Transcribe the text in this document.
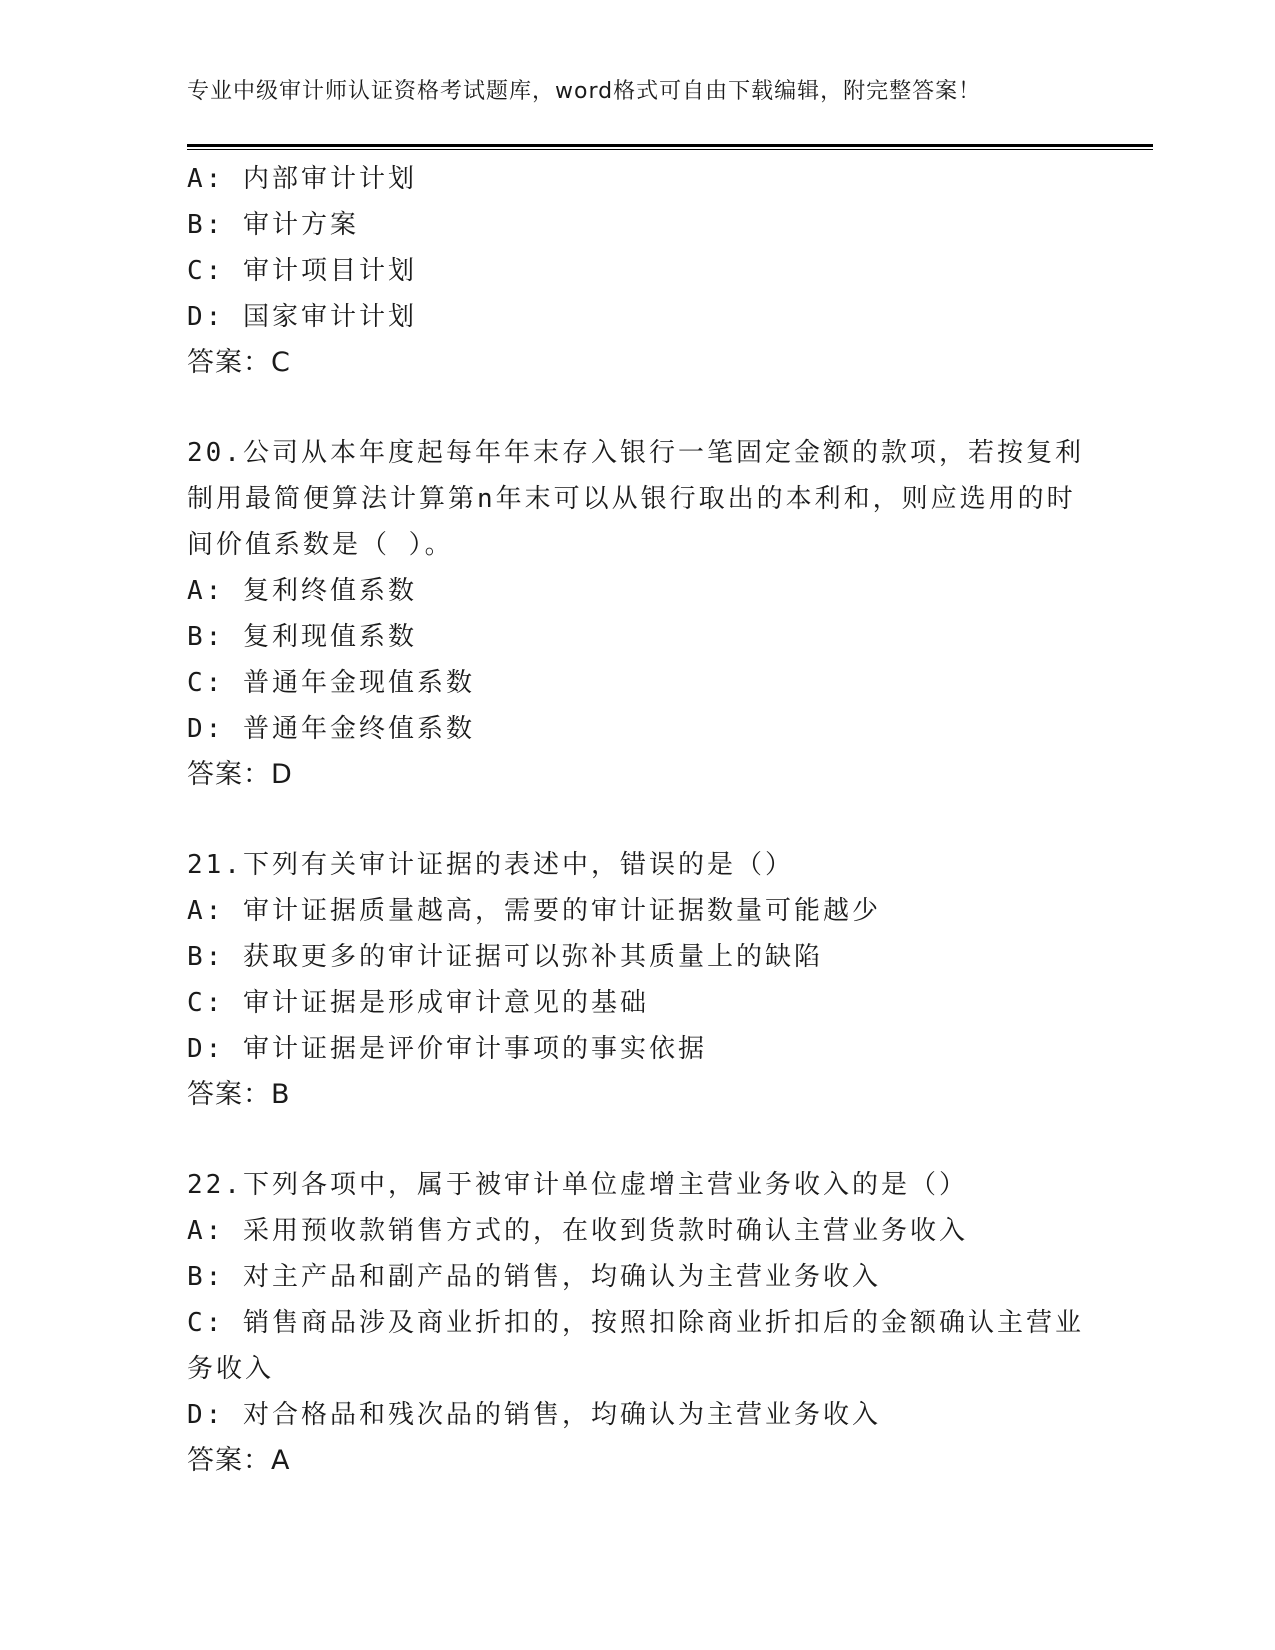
专业中级审计师认证资格考试题库，word格式可自由下载编辑，附完整答案！

A: 内部审计计划

B: 审计方案

C: 审计项目计划

D: 国家审计计划

答案：C

20.公司从本年度起每年年末存入银行一笔固定金额的款项，若按复利制用最简便算法计算第n年末可以从银行取出的本利和，则应选用的时间价值系数是（ ）。

A: 复利终值系数

B: 复利现值系数

C: 普通年金现值系数

D: 普通年金终值系数

答案：D

21.下列有关审计证据的表述中，错误的是（）

A: 审计证据质量越高，需要的审计证据数量可能越少

B: 获取更多的审计证据可以弥补其质量上的缺陷

C: 审计证据是形成审计意见的基础

D: 审计证据是评价审计事项的事实依据

答案：B

22.下列各项中，属于被审计单位虚增主营业务收入的是（）

A: 采用预收款销售方式的，在收到货款时确认主营业务收入

B: 对主产品和副产品的销售，均确认为主营业务收入

C: 销售商品涉及商业折扣的，按照扣除商业折扣后的金额确认主营业务收入

D: 对合格品和残次品的销售，均确认为主营业务收入

答案：A
